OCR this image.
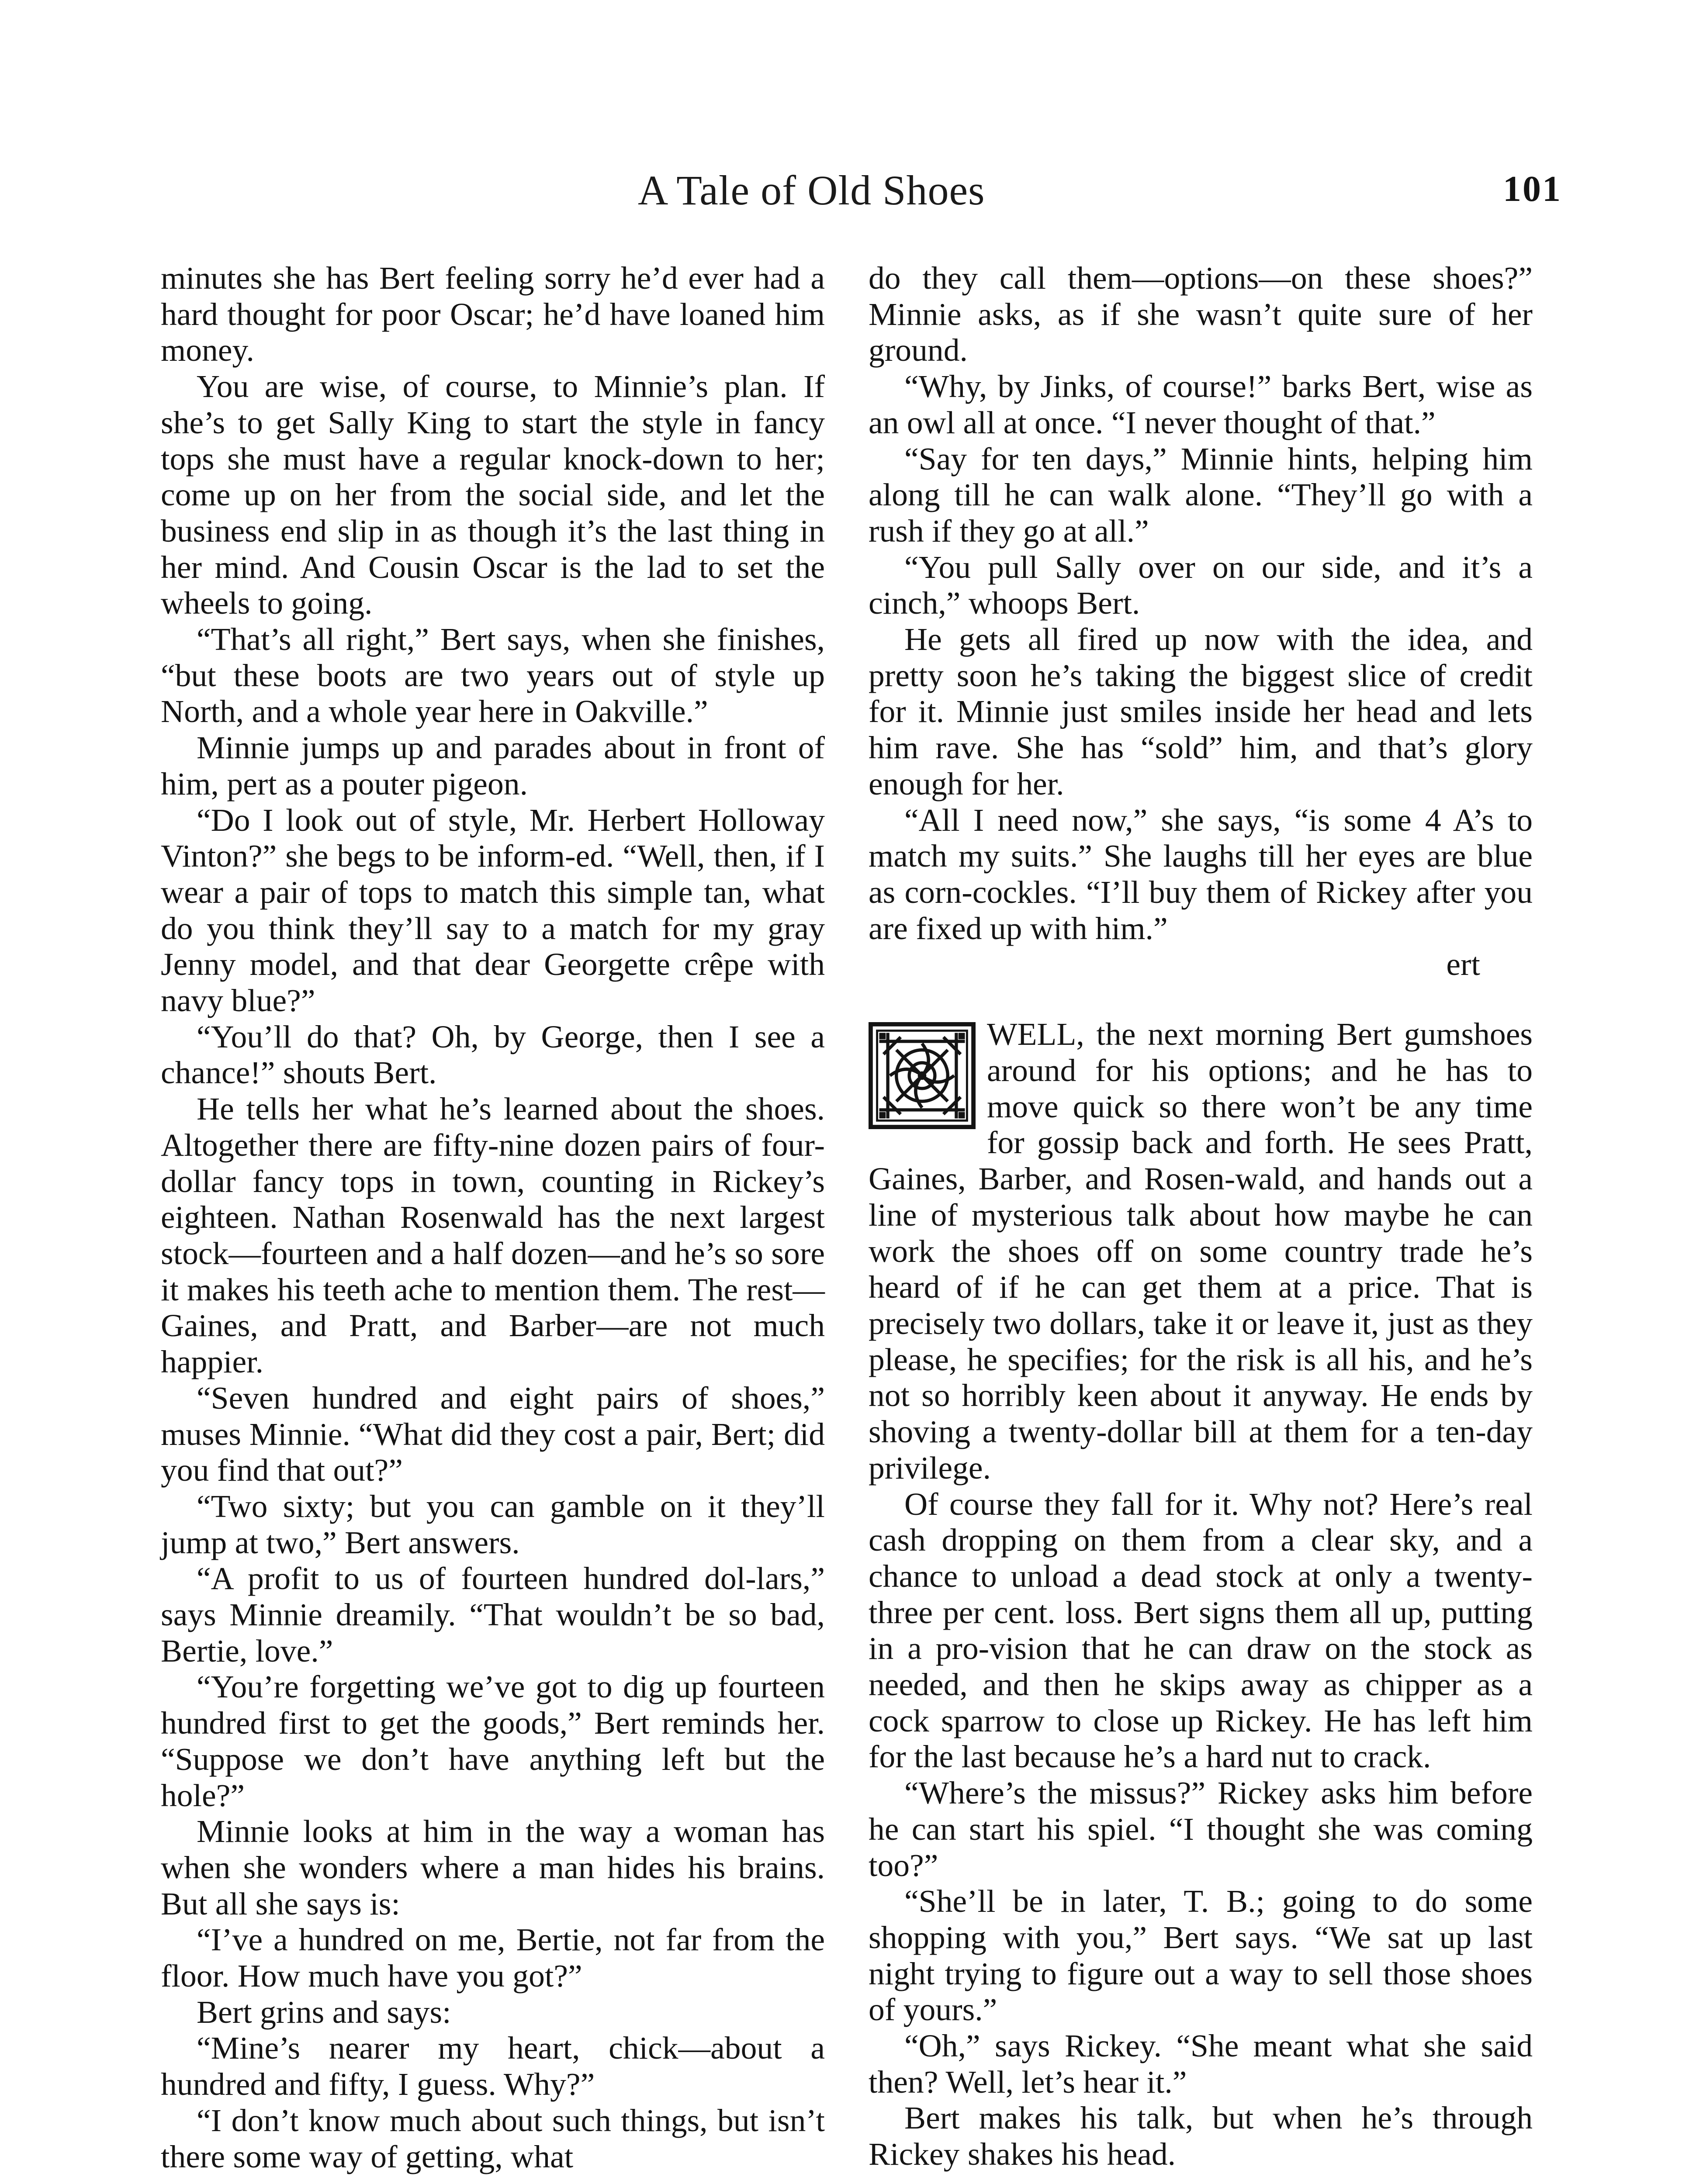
A Tale of Old Shoes	101

minutes she has Bert feeling sorry he’d ever had a hard thought for poor Oscar; he’d have loaned him money.

You are wise, of course, to Minnie’s plan. If she’s to get Sally King to start the style in fancy tops she must have a regular knock-down to her; come up on her from the social side, and let the business end slip in as though it’s the last thing in her mind. And Cousin Oscar is the lad to set the wheels to going.

“That’s all right,” Bert says, when she finishes, “but these boots are two years out of style up North, and a whole year here in Oakville.”

Minnie jumps up and parades about in front of him, pert as a pouter pigeon.

“Do I look out of style, Mr. Herbert Holloway Vinton?” she begs to be inform-ed. “Well, then, if I wear a pair of tops to match this simple tan, what do you think they’ll say to a match for my gray Jenny model, and that dear Georgette crêpe with navy blue?”

“You’ll do that? Oh, by George, then I see a chance!” shouts Bert.

He tells her what he’s learned about the shoes. Altogether there are fifty-nine dozen pairs of four-dollar fancy tops in town, counting in Rickey’s eighteen. Nathan Rosenwald has the next largest stock—fourteen and a half dozen—and he’s so sore it makes his teeth ache to mention them. The rest—Gaines, and Pratt, and Barber—are not much happier.

“Seven hundred and eight pairs of shoes,” muses Minnie. “What did they cost a pair, Bert; did you find that out?”

“Two sixty; but you can gamble on it they’ll jump at two,” Bert answers.

“A profit to us of fourteen hundred dol-lars,” says Minnie dreamily. “That wouldn’t be so bad, Bertie, love.”

“You’re forgetting we’ve got to dig up fourteen hundred first to get the goods,” Bert reminds her. “Suppose we don’t have anything left but the hole?”

Minnie looks at him in the way a woman has when she wonders where a man hides his brains. But all she says is:

“I’ve a hundred on me, Bertie, not far from the floor. How much have you got?”

Bert grins and says:

“Mine’s nearer my heart, chick—about a hundred and fifty, I guess. Why?”

“I don’t know much about such things, but isn’t there some way of getting, what

do they call them—options—on these shoes?” Minnie asks, as if she wasn’t quite sure of her ground.

“Why, by Jinks, of course!” barks Bert, wise as an owl all at once. “I never thought of that.”

“Say for ten days,” Minnie hints, helping him along till he can walk alone. “They’ll go with a rush if they go at all.”

“You pull Sally over on our side, and it’s a cinch,” whoops Bert.

He gets all fired up now with the idea, and pretty soon he’s taking the biggest slice of credit for it. Minnie just smiles inside her head and lets him rave. She has “sold” him, and that’s glory enough for her.

“All I need now,” she says, “is some 4 A’s to match my suits.” She laughs till her eyes are blue as corn-cockles. “I’ll buy them of Rickey after you are fixed up with him.”

ert

WELL, the next morning Bert gumshoes around for his options; and he has to move quick so there won’t be any time for gossip back and forth. He sees Pratt, Gaines, Barber, and Rosen-wald, and hands out a line of mysterious talk about how maybe he can work the shoes off on some country trade he’s heard of if he can get them at a price. That is precisely two dollars, take it or leave it, just as they please, he specifies; for the risk is all his, and he’s not so horribly keen about it anyway. He ends by shoving a twenty-dollar bill at them for a ten-day privilege.

Of course they fall for it. Why not? Here’s real cash dropping on them from a clear sky, and a chance to unload a dead stock at only a twenty-three per cent. loss. Bert signs them all up, putting in a pro-vision that he can draw on the stock as needed, and then he skips away as chipper as a cock sparrow to close up Rickey. He has left him for the last because he’s a hard nut to crack.

“Where’s the missus?” Rickey asks him before he can start his spiel. “I thought she was coming too?”

“She’ll be in later, T. B.; going to do some shopping with you,” Bert says. “We sat up last night trying to figure out a way to sell those shoes of yours.”

“Oh,” says Rickey. “She meant what she said then? Well, let’s hear it.”

Bert makes his talk, but when he’s through Rickey shakes his head.
